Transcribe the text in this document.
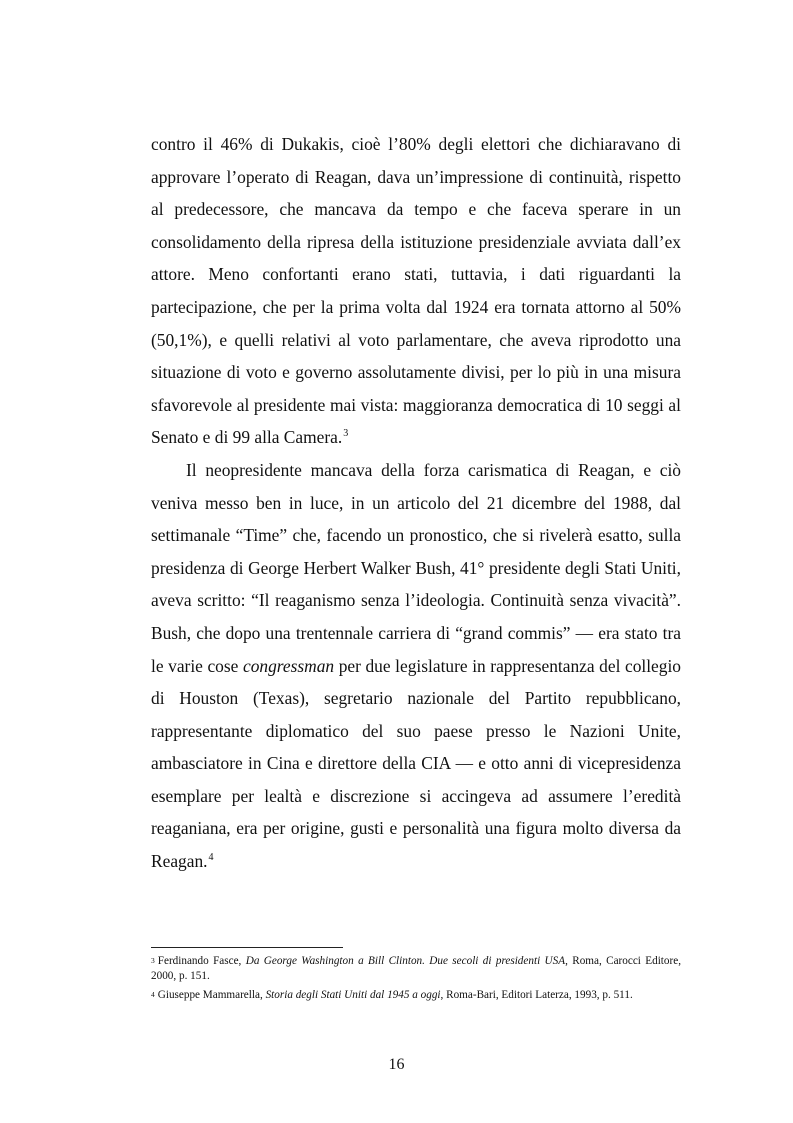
contro il 46% di Dukakis, cioè l’80% degli elettori che dichiaravano di approvare l’operato di Reagan, dava un’impressione di continuità, rispetto al predecessore, che mancava da tempo e che faceva sperare in un consolidamento della ripresa della istituzione presidenziale avviata dall’ex attore. Meno confortanti erano stati, tuttavia, i dati riguardanti la partecipazione, che per la prima volta dal 1924 era tornata attorno al 50% (50,1%), e quelli relativi al voto parlamentare, che aveva riprodotto una situazione di voto e governo assolutamente divisi, per lo più in una misura sfavorevole al presidente mai vista: maggioranza democratica di 10 seggi al Senato e di 99 alla Camera.$^3$

Il neopresidente mancava della forza carismatica di Reagan, e ciò veniva messo ben in luce, in un articolo del 21 dicembre del 1988, dal settimanale “Time” che, facendo un pronostico, che si rivelerà esatto, sulla presidenza di George Herbert Walker Bush, 41° presidente degli Stati Uniti, aveva scritto: “Il reaganismo senza l’ideologia. Continuità senza vivacità”. Bush, che dopo una trentennale carriera di “grand commis” — era stato tra le varie cose congressman per due legislature in rappresentanza del collegio di Houston (Texas), segretario nazionale del Partito repubblicano, rappresentante diplomatico del suo paese presso le Nazioni Unite, ambasciatore in Cina e direttore della CIA — e otto anni di vicepresidenza esemplare per lealtà e discrezione si accingeva ad assumere l’eredità reaganiana, era per origine, gusti e personalità una figura molto diversa da Reagan.$^4$

$^3$ Ferdinando Fasce, Da George Washington a Bill Clinton. Due secoli di presidenti USA, Roma, Carocci Editore, 2000, p. 151.

$^4$ Giuseppe Mammarella, Storia degli Stati Uniti dal 1945 a oggi, Roma-Bari, Editori Laterza, 1993, p. 511.

16
